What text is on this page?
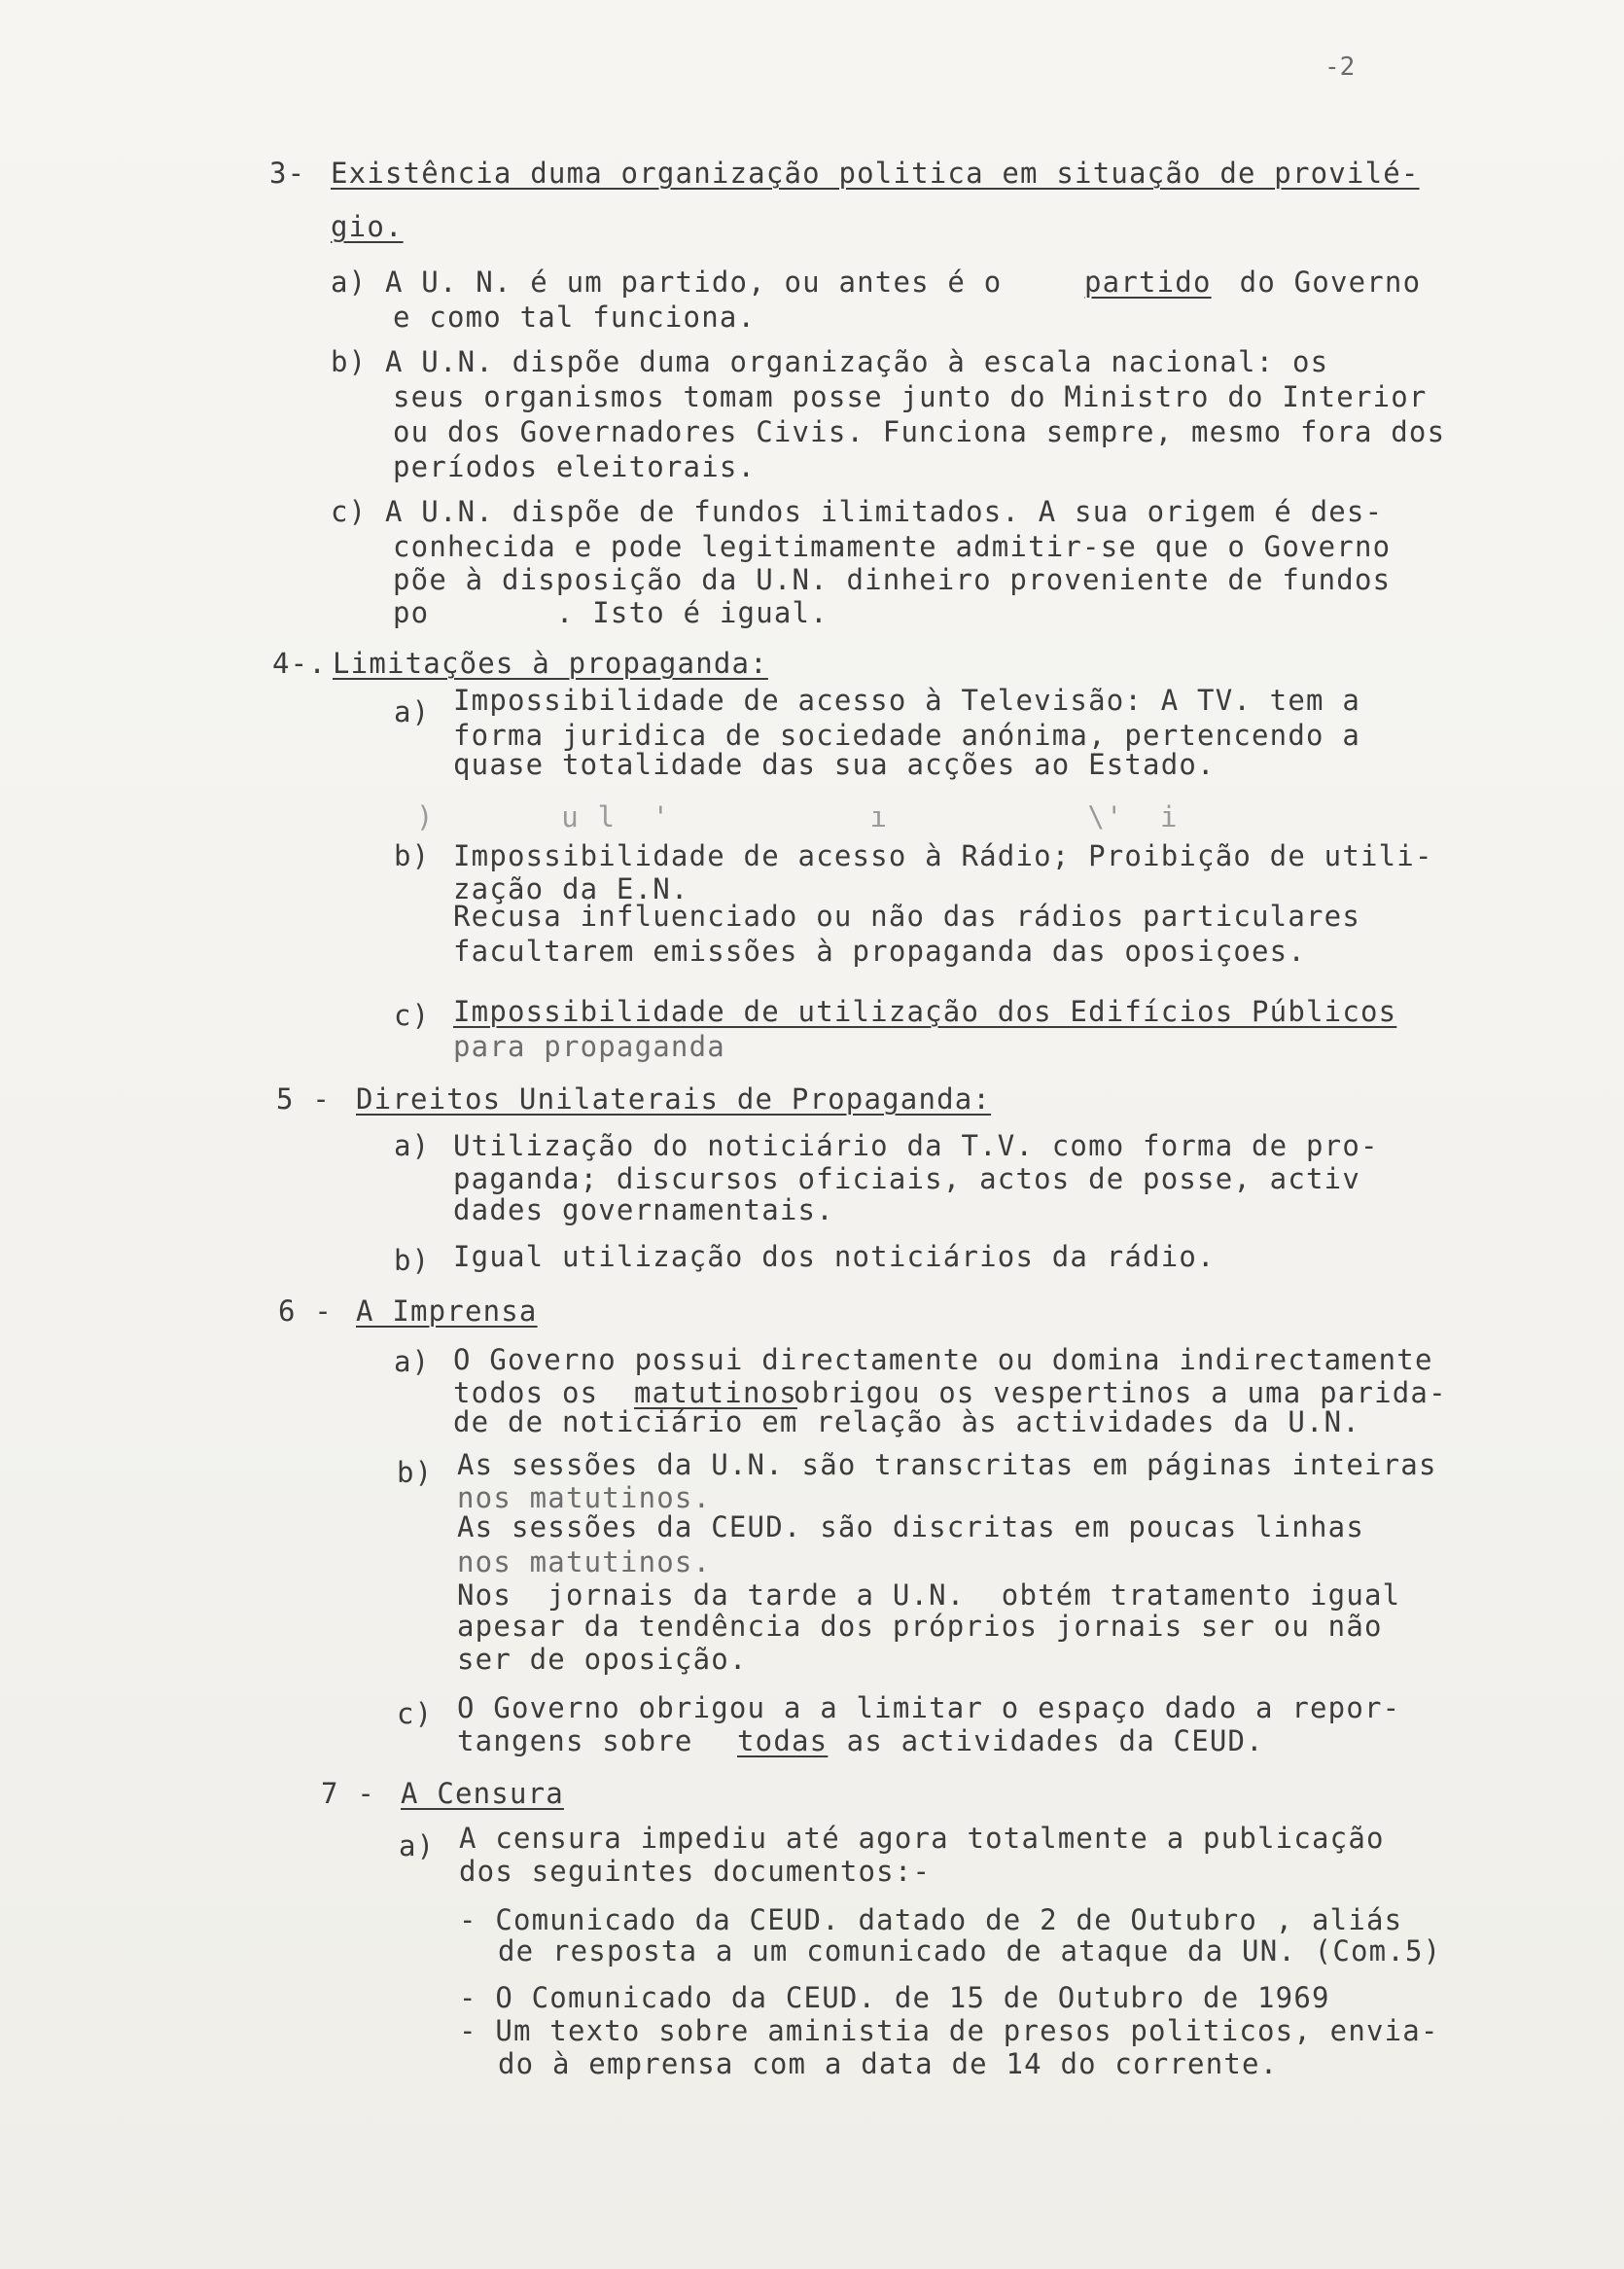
-2
3- Existência duma organização politica em situação de provilé-
gio.
a) A U. N. é um partido, ou antes é o partido do Governo
e como tal funciona.
b) A U.N. dispõe duma organização à escala nacional: os
seus organismos tomam posse junto do Ministro do Interior
ou dos Governadores Civis. Funciona sempre, mesmo fora dos
períodos eleitorais.
c) A U.N. dispõe de fundos ilimitados. A sua origem é des-
conhecida e pode legitimamente admitir-se que o Governo
põe à disposição da U.N. dinheiro proveniente de fundos
po       . Isto é igual.
4-. Limitações à propaganda:
a) Impossibilidade de acesso à Televisão: A TV. tem a
forma juridica de sociedade anónima, pertencendo a
quase totalidade das sua acções ao Estado.
)       u l  '           ı           \'  i
b) Impossibilidade de acesso à Rádio; Proibição de utili-
zação da E.N.
Recusa influenciado ou não das rádios particulares
facultarem emissões à propaganda das oposiçoes.
c) Impossibilidade de utilização dos Edifícios Públicos
para propaganda
5 - Direitos Unilaterais de Propaganda:
a) Utilização do noticiário da T.V. como forma de pro-
paganda; discursos oficiais, actos de posse, activ
dades governamentais.
b) Igual utilização dos noticiários da rádio.
6 - A Imprensa
a) O Governo possui directamente ou domina indirectamente
todos os matutinos
obrigou os vespertinos a uma parida-
de de noticiário em relação às actividades da U.N.
b) As sessões da U.N. são transcritas em páginas inteiras
nos matutinos.
As sessões da CEUD. são discritas em poucas linhas
nos matutinos.
Nos  jornais da tarde a U.N.  obtém tratamento igual
apesar da tendência dos próprios jornais ser ou não
ser de oposição.
c) O Governo obrigou a a limitar o espaço dado a repor-
tangens sobre todas as actividades da CEUD.
7 - A Censura
a) A censura impediu até agora totalmente a publicação
dos seguintes documentos:-
- Comunicado da CEUD. datado de 2 de Outubro , aliás
de resposta a um comunicado de ataque da UN. (Com.5)
- O Comunicado da CEUD. de 15 de Outubro de 1969
- Um texto sobre aministia de presos politicos, envia-
do à emprensa com a data de 14 do corrente.
